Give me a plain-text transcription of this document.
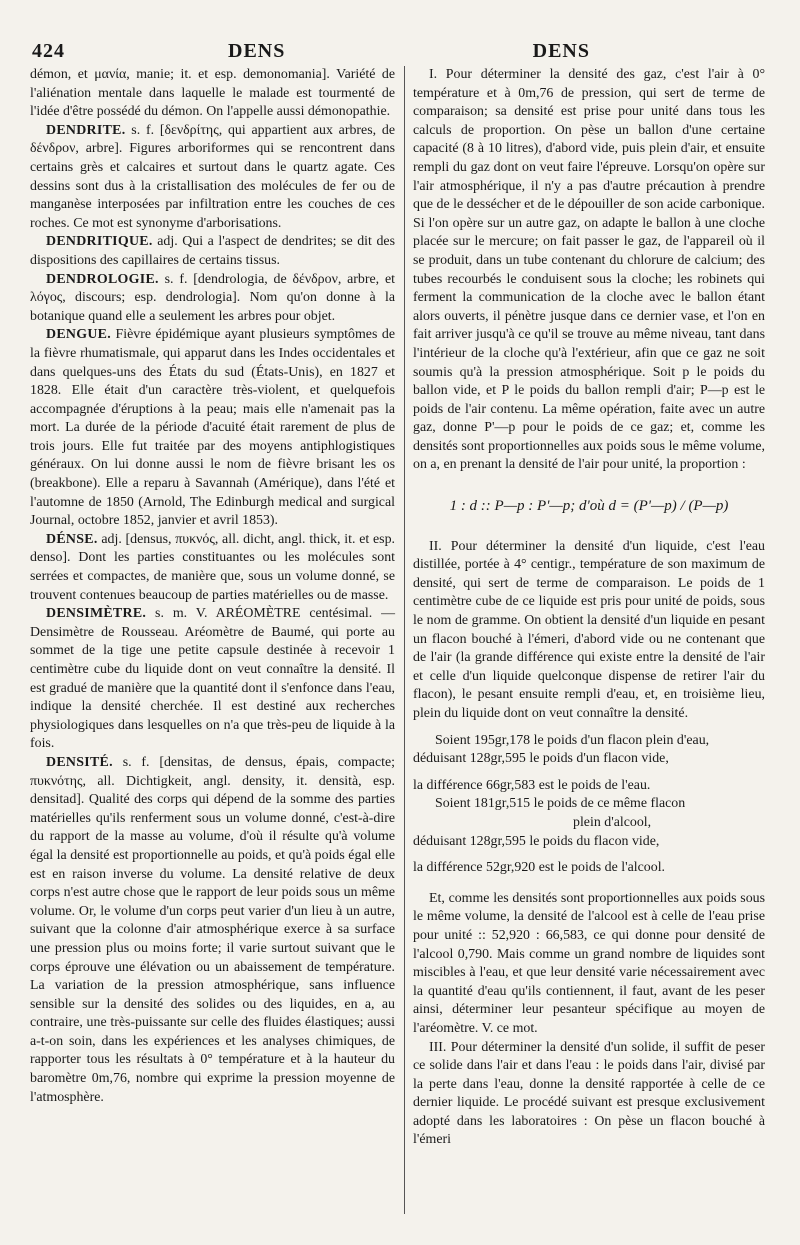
424	DENS	DENS

démon, et μανία, manie; it. et esp. demonomania]. Variété de l'aliénation mentale dans laquelle le malade est tourmenté de l'idée d'être possédé du démon. On l'appelle aussi démonopathie.

DENDRITE. s. f. [δενδρίτης, qui appartient aux arbres, de δένδρον, arbre]. Figures arboriformes qui se rencontrent dans certains grès et calcaires et surtout dans le quartz agate. Ces dessins sont dus à la cristallisation des molécules de fer ou de manganèse interposées par infiltration entre les couches de ces roches. Ce mot est synonyme d'arborisations.

DENDRITIQUE. adj. Qui a l'aspect de dendrites; se dit des dispositions des capillaires de certains tissus.

DENDROLOGIE. s. f. [dendrologia, de δένδρον, arbre, et λόγος, discours; esp. dendrologia]. Nom qu'on donne à la botanique quand elle a seulement les arbres pour objet.

DENGUE. Fièvre épidémique ayant plusieurs symptômes de la fièvre rhumatismale, qui apparut dans les Indes occidentales et dans quelques-uns des États du sud (États-Unis), en 1827 et 1828. Elle était d'un caractère très-violent, et quelquefois accompagnée d'éruptions à la peau; mais elle n'amenait pas la mort. La durée de la période d'acuité était rarement de plus de trois jours. Elle fut traitée par des moyens antiphlogistiques généraux. On lui donne aussi le nom de fièvre brisant les os (breakbone). Elle a reparu à Savannah (Amérique), dans l'été et l'automne de 1850 (Arnold, The Edinburgh medical and surgical Journal, octobre 1852, janvier et avril 1853).

DÉNSE. adj. [densus, πυκνός, all. dicht, angl. thick, it. et esp. denso]. Dont les parties constituantes ou les molécules sont serrées et compactes, de manière que, sous un volume donné, se trouvent contenues beaucoup de parties matérielles ou de masse.

DENSIMÈTRE. s. m. V. ARÉOMÈTRE centésimal. — Densimètre de Rousseau. Aréomètre de Baumé, qui porte au sommet de la tige une petite capsule destinée à recevoir 1 centimètre cube du liquide dont on veut connaître la densité. Il est gradué de manière que la quantité dont il s'enfonce dans l'eau, indique la densité cherchée. Il est destiné aux recherches physiologiques dans lesquelles on n'a que très-peu de liquide à la fois.

DENSITÉ. s. f. [densitas, de densus, épais, compacte; πυκνότης, all. Dichtigkeit, angl. density, it. densità, esp. densitad]. Qualité des corps qui dépend de la somme des parties matérielles qu'ils renferment sous un volume donné, c'est-à-dire du rapport de la masse au volume, d'où il résulte qu'à volume égal la densité est proportionnelle au poids, et qu'à poids égal elle est en raison inverse du volume. La densité relative de deux corps n'est autre chose que le rapport de leur poids sous un même volume. Or, le volume d'un corps peut varier d'un lieu à un autre, suivant que la colonne d'air atmosphérique exerce à sa surface une pression plus ou moins forte; il varie surtout suivant que le corps éprouve une élévation ou un abaissement de température. La variation de la pression atmosphérique, sans influence sensible sur la densité des solides ou des liquides, en a, au contraire, une très-puissante sur celle des fluides élastiques; aussi a-t-on soin, dans les expériences et les analyses chimiques, de rapporter tous les résultats à 0° température et à la hauteur du baromètre 0m,76, nombre qui exprime la pression moyenne de l'atmosphère.

I. Pour déterminer la densité des gaz, c'est l'air à 0° température et à 0m,76 de pression, qui sert de terme de comparaison; sa densité est prise pour unité dans tous les calculs de proportion. On pèse un ballon d'une certaine capacité (8 à 10 litres), d'abord vide, puis plein d'air, et ensuite rempli du gaz dont on veut faire l'épreuve. Lorsqu'on opère sur l'air atmosphérique, il n'y a pas d'autre précaution à prendre que de le dessécher et de le dépouiller de son acide carbonique. Si l'on opère sur un autre gaz, on adapte le ballon à une cloche placée sur le mercure; on fait passer le gaz, de l'appareil où il se produit, dans un tube contenant du chlorure de calcium; des tubes recourbés le conduisent sous la cloche; les robinets qui ferment la communication de la cloche avec le ballon étant alors ouverts, il pénètre jusque dans ce dernier vase, et l'on en fait arriver jusqu'à ce qu'il se trouve au même niveau, tant dans l'intérieur de la cloche qu'à l'extérieur, afin que ce gaz ne soit soumis qu'à la pression atmosphérique. Soit p le poids du ballon vide, et P le poids du ballon rempli d'air; P—p est le poids de l'air contenu. La même opération, faite avec un autre gaz, donne P'—p pour le poids de ce gaz; et, comme les densités sont proportionnelles aux poids sous le même volume, on a, en prenant la densité de l'air pour unité, la proportion :

1 : d :: P—p : P'—p; d'où d = (P'—p) / (P—p)

II. Pour déterminer la densité d'un liquide, c'est l'eau distillée, portée à 4° centigr., température de son maximum de densité, qui sert de terme de comparaison. Le poids de 1 centimètre cube de ce liquide est pris pour unité de poids, sous le nom de gramme. On obtient la densité d'un liquide en pesant un flacon bouché à l'émeri, d'abord vide ou ne contenant que de l'air (la grande différence qui existe entre la densité de l'air et celle d'un liquide quelconque dispense de retirer l'air du flacon), le pesant ensuite rempli d'eau, et, en troisième lieu, plein du liquide dont on veut connaître la densité.

Soient 195gr,178 le poids d'un flacon plein d'eau,
déduisant 128gr,595 le poids d'un flacon vide,
la différence 66gr,583 est le poids de l'eau.
Soient 181gr,515 le poids de ce même flacon
plein d'alcool,
déduisant 128gr,595 le poids du flacon vide,
la différence 52gr,920 est le poids de l'alcool.

Et, comme les densités sont proportionnelles aux poids sous le même volume, la densité de l'alcool est à celle de l'eau prise pour unité :: 52,920 : 66,583, ce qui donne pour densité de l'alcool 0,790. Mais comme un grand nombre de liquides sont miscibles à l'eau, et que leur densité varie nécessairement avec la quantité d'eau qu'ils contiennent, il faut, avant de les peser ainsi, déterminer leur pesanteur spécifique au moyen de l'aréomètre. V. ce mot.

III. Pour déterminer la densité d'un solide, il suffit de peser ce solide dans l'air et dans l'eau : le poids dans l'air, divisé par la perte dans l'eau, donne la densité rapportée à celle de ce dernier liquide. Le procédé suivant est presque exclusivement adopté dans les laboratoires : On pèse un flacon bouché à l'émeri
